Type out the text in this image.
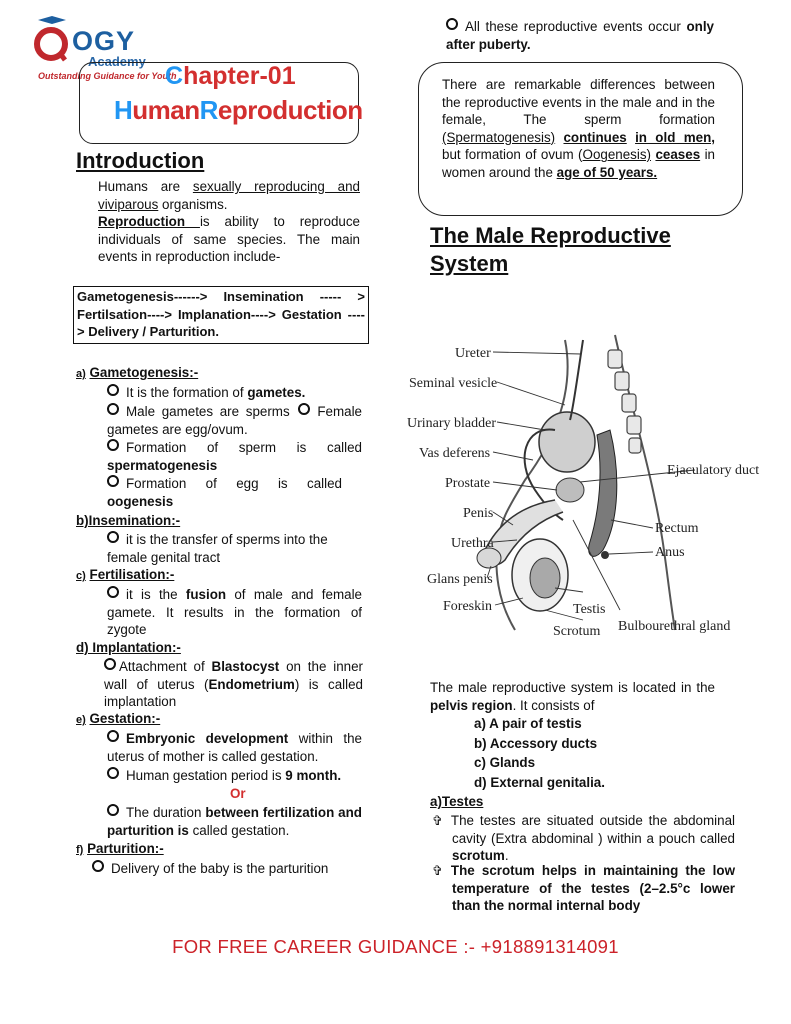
OGY
Academy
Outstanding Guidance for Youth
Chapter-01
HumanReproduction
Introduction
Humans are sexually reproducing and viviparous organisms.
Reproduction is ability to reproduce individuals of same species. The main events in reproduction include-
Gametogenesis------> Insemination ----- > Fertilsation----> Implanation----> Gestation ----> Delivery / Parturition.
a) Gametogenesis:-
It is the formation of gametes.
Male gametes are sperms Female gametes are egg/ovum.
Formation of sperm is called spermatogenesis
Formation of egg is called oogenesis
b)Insemination:-
it is the transfer of sperms into the female genital tract
c) Fertilisation:-
it is the fusion of male and female gamete. It results in the formation of zygote
d) Implantation:-
Attachment of Blastocyst on the inner wall of uterus (Endometrium) is called implantation
e) Gestation:-
Embryonic development within the uterus of mother is called gestation.
Human gestation period is 9 month.
Or
The duration between fertilization and parturition is called gestation.
f) Parturition:-
Delivery of the baby is the parturition
All these reproductive events occur only after puberty.
There are remarkable differences between the reproductive events in the male and in the female, The sperm formation (Spermatogenesis) continues in old men, but formation of ovum (Oogenesis) ceases in women around the age of 50 years.
The Male Reproductive System
Ureter
Seminal vesicle
Urinary bladder
Vas deferens
Prostate
Penis
Urethra
Glans penis
Foreskin	Testis
Scrotum
Ejaculatory duct
Rectum
Anus
Bulbourethral gland
The male reproductive system is located in the pelvis region. It consists of
a) A pair of testis
b) Accessory ducts
c) Glands
d) External genitalia.
a)Testes
✞ The testes are situated outside the abdominal cavity (Extra abdominal ) within a pouch called scrotum.
✞ The scrotum helps in maintaining the low temperature of the testes (2–2.5°c lower than the normal internal body
FOR FREE CAREER GUIDANCE :- +918891314091
